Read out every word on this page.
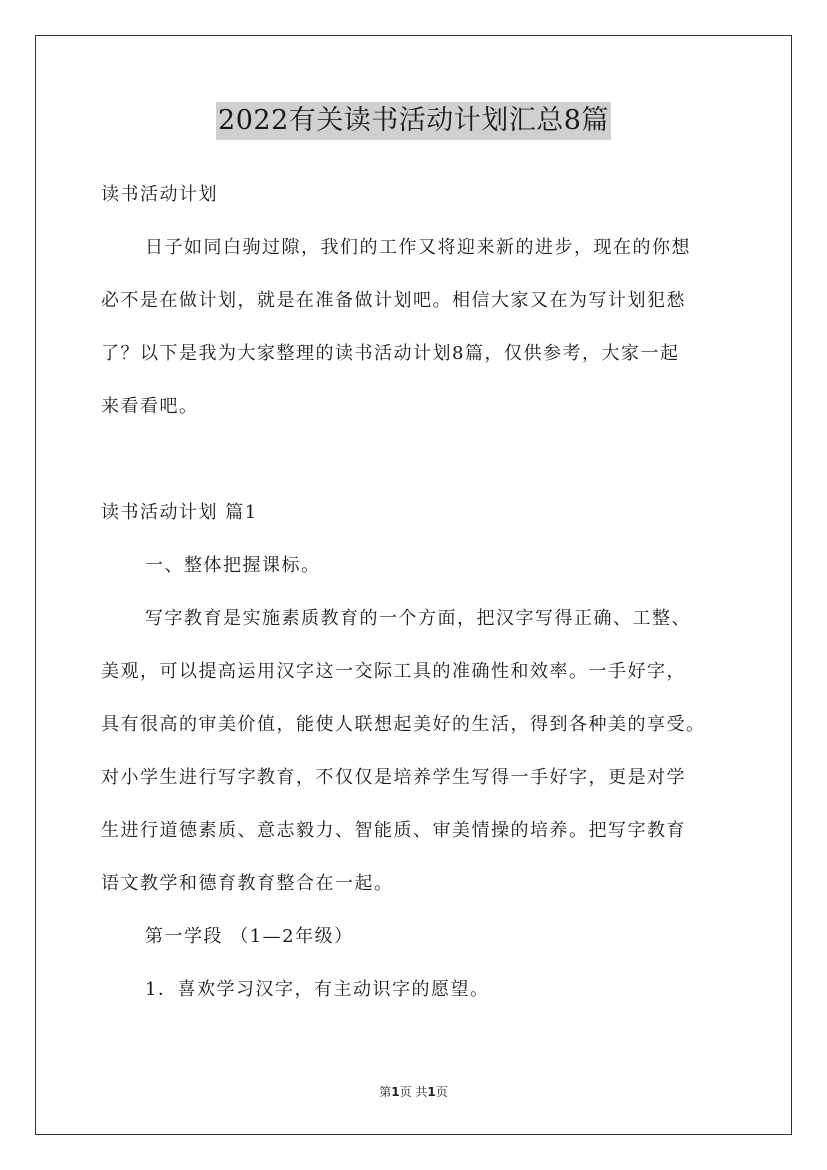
2022有关读书活动计划汇总8篇
读书活动计划
日子如同白驹过隙，我们的工作又将迎来新的进步，现在的你想
必不是在做计划，就是在准备做计划吧。相信大家又在为写计划犯愁
了？以下是我为大家整理的读书活动计划8篇，仅供参考，大家一起
来看看吧。
读书活动计划 篇1
一、整体把握课标。
写字教育是实施素质教育的一个方面，把汉字写得正确、工整、
美观，可以提高运用汉字这一交际工具的准确性和效率。一手好字，
具有很高的审美价值，能使人联想起美好的生活，得到各种美的享受。
对小学生进行写字教育，不仅仅是培养学生写得一手好字，更是对学
生进行道德素质、意志毅力、智能质、审美情操的培养。把写字教育
语文教学和德育教育整合在一起。
第一学段 （1—2年级）
1．喜欢学习汉字，有主动识字的愿望。
第1页 共1页
